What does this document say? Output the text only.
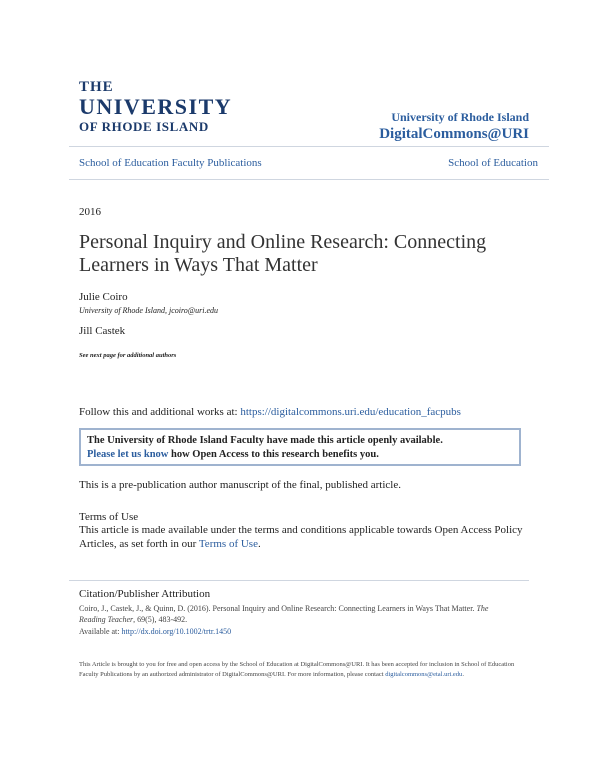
THE
UNIVERSITY
OF RHODE ISLAND
University of Rhode Island
DigitalCommons@URI
School of Education Faculty Publications	School of Education
2016
Personal Inquiry and Online Research: Connecting Learners in Ways That Matter
Julie Coiro
University of Rhode Island, jcoiro@uri.edu
Jill Castek
See next page for additional authors
Follow this and additional works at: https://digitalcommons.uri.edu/education_facpubs
The University of Rhode Island Faculty have made this article openly available.
Please let us know how Open Access to this research benefits you.
This is a pre-publication author manuscript of the final, published article.
Terms of Use
This article is made available under the terms and conditions applicable towards Open Access Policy Articles, as set forth in our Terms of Use.
Citation/Publisher Attribution
Coiro, J., Castek, J., & Quinn, D. (2016). Personal Inquiry and Online Research: Connecting Learners in Ways That Matter. The Reading Teacher, 69(5), 483-492.
Available at: http://dx.doi.org/10.1002/trtr.1450
This Article is brought to you for free and open access by the School of Education at DigitalCommons@URI. It has been accepted for inclusion in School of Education Faculty Publications by an authorized administrator of DigitalCommons@URI. For more information, please contact digitalcommons@etal.uri.edu.
